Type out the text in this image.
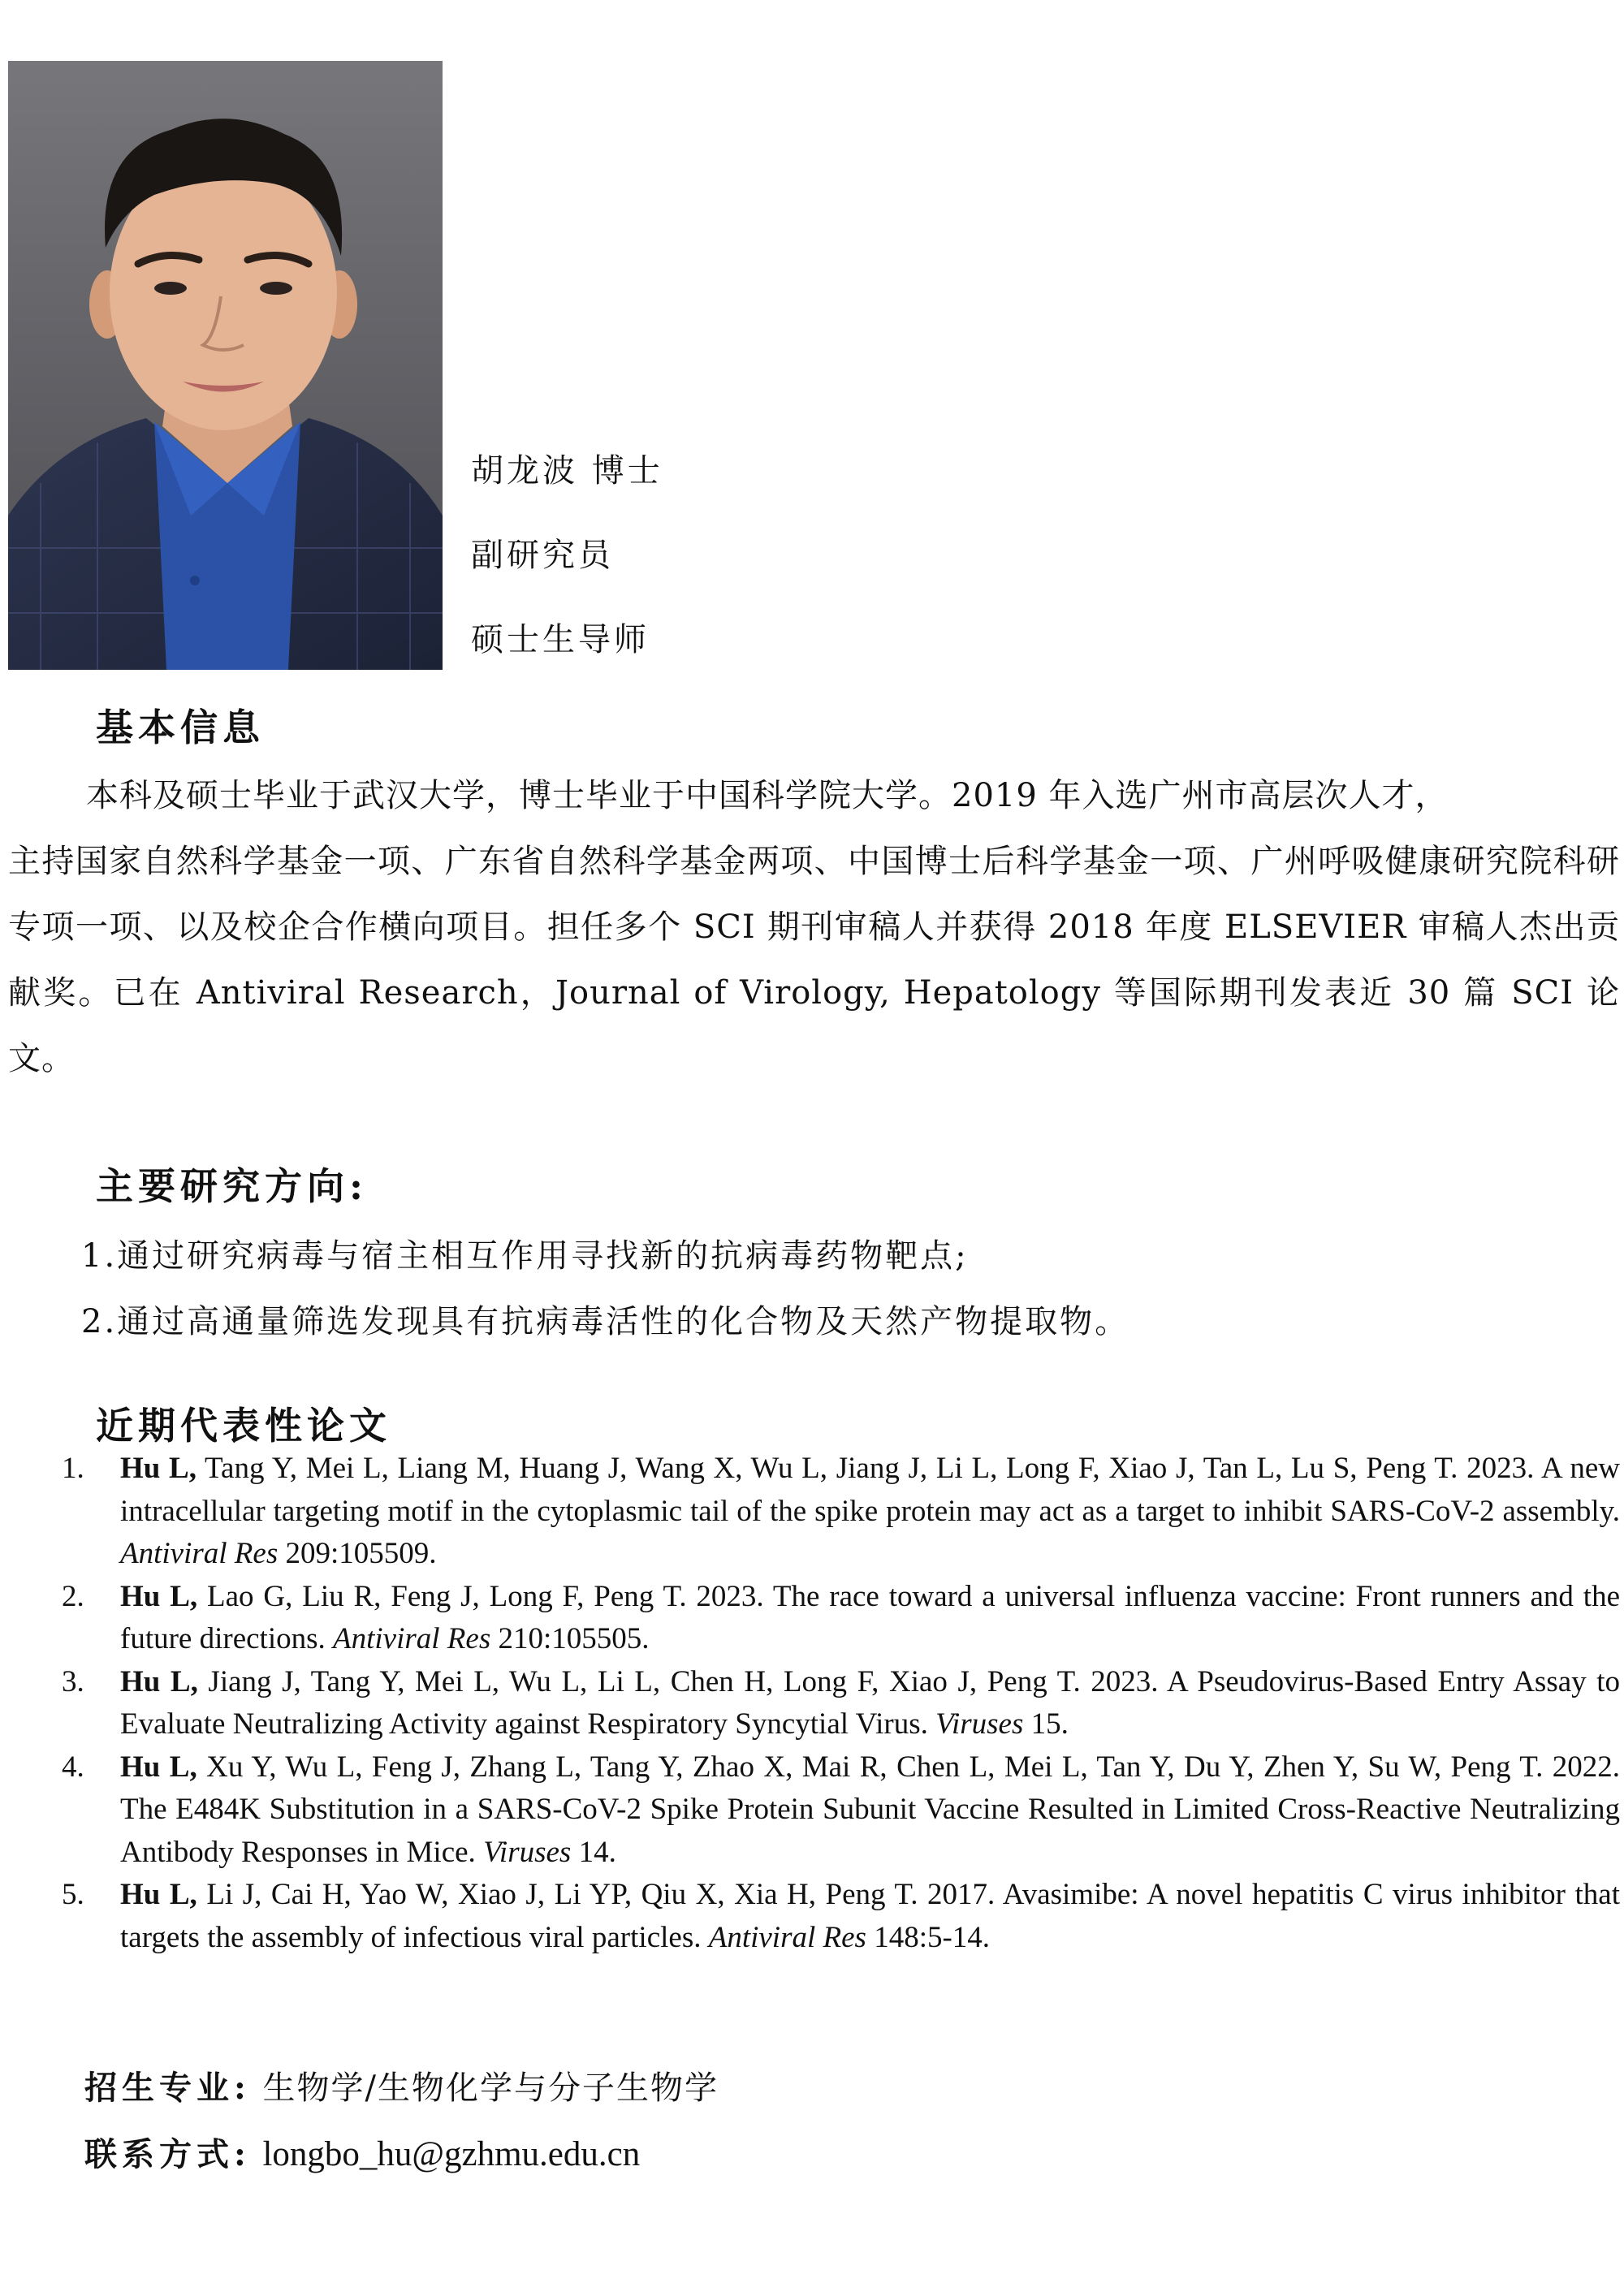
胡龙波 博士
副研究员
硕士生导师
基本信息

本科及硕士毕业于武汉大学，博士毕业于中国科学院大学。2019 年入选广州市高层次人才，

主持国家自然科学基金一项、广东省自然科学基金两项、中国博士后科学基金一项、广州呼吸健康研究院科研专项一项、以及校企合作横向项目。担任多个 SCI 期刊审稿人并获得 2018 年度 ELSEVIER 审稿人杰出贡献奖。已在 Antiviral Research，Journal of Virology, Hepatology 等国际期刊发表近 30 篇 SCI 论文。

主要研究方向:
1.通过研究病毒与宿主相互作用寻找新的抗病毒药物靶点;
2.通过高通量筛选发现具有抗病毒活性的化合物及天然产物提取物。
近期代表性论文
1. Hu L, Tang Y, Mei L, Liang M, Huang J, Wang X, Wu L, Jiang J, Li L, Long F, Xiao J, Tan L, Lu S, Peng T. 2023. A new intracellular targeting motif in the cytoplasmic tail of the spike protein may act as a target to inhibit SARS-CoV-2 assembly. Antiviral Res 209:105509.
2. Hu L, Lao G, Liu R, Feng J, Long F, Peng T. 2023. The race toward a universal influenza vaccine: Front runners and the future directions. Antiviral Res 210:105505.
3. Hu L, Jiang J, Tang Y, Mei L, Wu L, Li L, Chen H, Long F, Xiao J, Peng T. 2023. A Pseudovirus-Based Entry Assay to Evaluate Neutralizing Activity against Respiratory Syncytial Virus. Viruses 15.
4. Hu L, Xu Y, Wu L, Feng J, Zhang L, Tang Y, Zhao X, Mai R, Chen L, Mei L, Tan Y, Du Y, Zhen Y, Su W, Peng T. 2022. The E484K Substitution in a SARS-CoV-2 Spike Protein Subunit Vaccine Resulted in Limited Cross-Reactive Neutralizing Antibody Responses in Mice. Viruses 14.
5. Hu L, Li J, Cai H, Yao W, Xiao J, Li YP, Qiu X, Xia H, Peng T. 2017. Avasimibe: A novel hepatitis C virus inhibitor that targets the assembly of infectious viral particles. Antiviral Res 148:5-14.
招生专业: 生物学/生物化学与分子生物学
联系方式: longbo_hu@gzhmu.edu.cn
